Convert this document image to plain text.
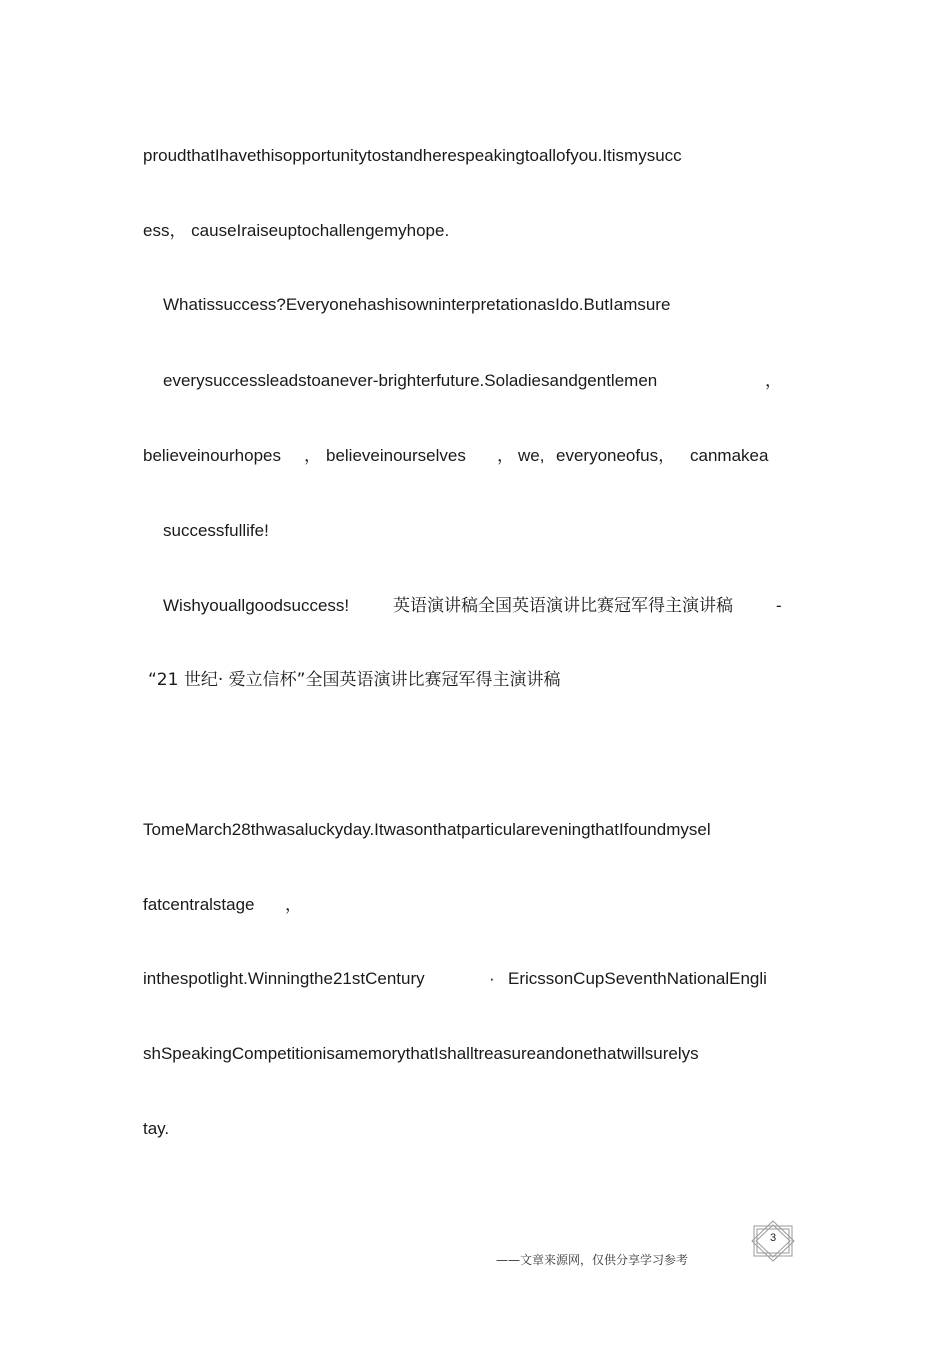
proudthatIhavethisopportunitytostandherespeakingtoallofyou.Itismysucc
ess， causeIraiseuptochallengemyhope.
Whatissuccess?EveryonehashisowninterpretationasIdo.ButIamsure
everysuccessleadstoanever-brighterfuture.Soladiesandgentlemen	，
believeinourhopes ， believeinourselves ， we, everyoneofus， canmakea
successfullife!
Wishyouallgoodsuccess!	英语演讲稿全国英语演讲比赛冠军得主演讲稿	-
“21 世纪· 爱立信杯”全国英语演讲比赛冠军得主演讲稿
TomeMarch28thwasaluckyday.ItwasonthatparticulareveningthatIfoundmysel
fatcentralstage ，
inthespotlight.Winningthe21stCentury	· EricssonCupSeventhNationalEngli
shSpeakingCompetitionisamemorythatIshalltreasureandonethatwillsurelys
tay.
——文章来源网，仅供分享学习参考
3
